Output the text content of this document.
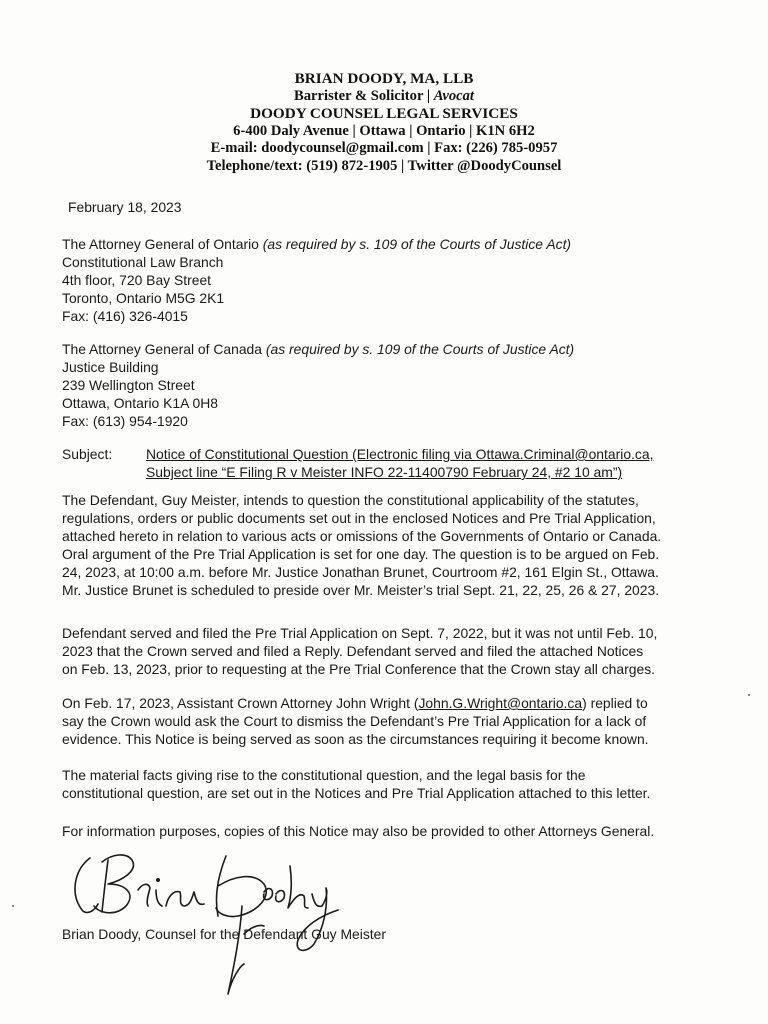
BRIAN DOODY, MA, LLB
Barrister & Solicitor | Avocat
DOODY COUNSEL LEGAL SERVICES
6-400 Daly Avenue | Ottawa | Ontario | K1N 6H2
E-mail: doodycounsel@gmail.com | Fax: (226) 785-0957
Telephone/text: (519) 872-1905 | Twitter @DoodyCounsel
February 18, 2023
The Attorney General of Ontario (as required by s. 109 of the Courts of Justice Act)
Constitutional Law Branch
4th floor, 720 Bay Street
Toronto, Ontario M5G 2K1
Fax: (416) 326-4015
The Attorney General of Canada (as required by s. 109 of the Courts of Justice Act)
Justice Building
239 Wellington Street
Ottawa, Ontario K1A 0H8
Fax: (613) 954-1920
Subject: Notice of Constitutional Question (Electronic filing via Ottawa.Criminal@ontario.ca,
Subject line “E Filing R v Meister INFO 22-11400790 February 24, #2 10 am”)
The Defendant, Guy Meister, intends to question the constitutional applicability of the statutes,
regulations, orders or public documents set out in the enclosed Notices and Pre Trial Application,
attached hereto in relation to various acts or omissions of the Governments of Ontario or Canada.
Oral argument of the Pre Trial Application is set for one day. The question is to be argued on Feb.
24, 2023, at 10:00 a.m. before Mr. Justice Jonathan Brunet, Courtroom #2, 161 Elgin St., Ottawa.
Mr. Justice Brunet is scheduled to preside over Mr. Meister’s trial Sept. 21, 22, 25, 26 & 27, 2023.
Defendant served and filed the Pre Trial Application on Sept. 7, 2022, but it was not until Feb. 10,
2023 that the Crown served and filed a Reply. Defendant served and filed the attached Notices
on Feb. 13, 2023, prior to requesting at the Pre Trial Conference that the Crown stay all charges.
On Feb. 17, 2023, Assistant Crown Attorney John Wright (John.G.Wright@ontario.ca) replied to
say the Crown would ask the Court to dismiss the Defendant’s Pre Trial Application for a lack of
evidence. This Notice is being served as soon as the circumstances requiring it become known.
The material facts giving rise to the constitutional question, and the legal basis for the
constitutional question, are set out in the Notices and Pre Trial Application attached to this letter.
For information purposes, copies of this Notice may also be provided to other Attorneys General.
Brian Doody, Counsel for the Defendant Guy Meister
